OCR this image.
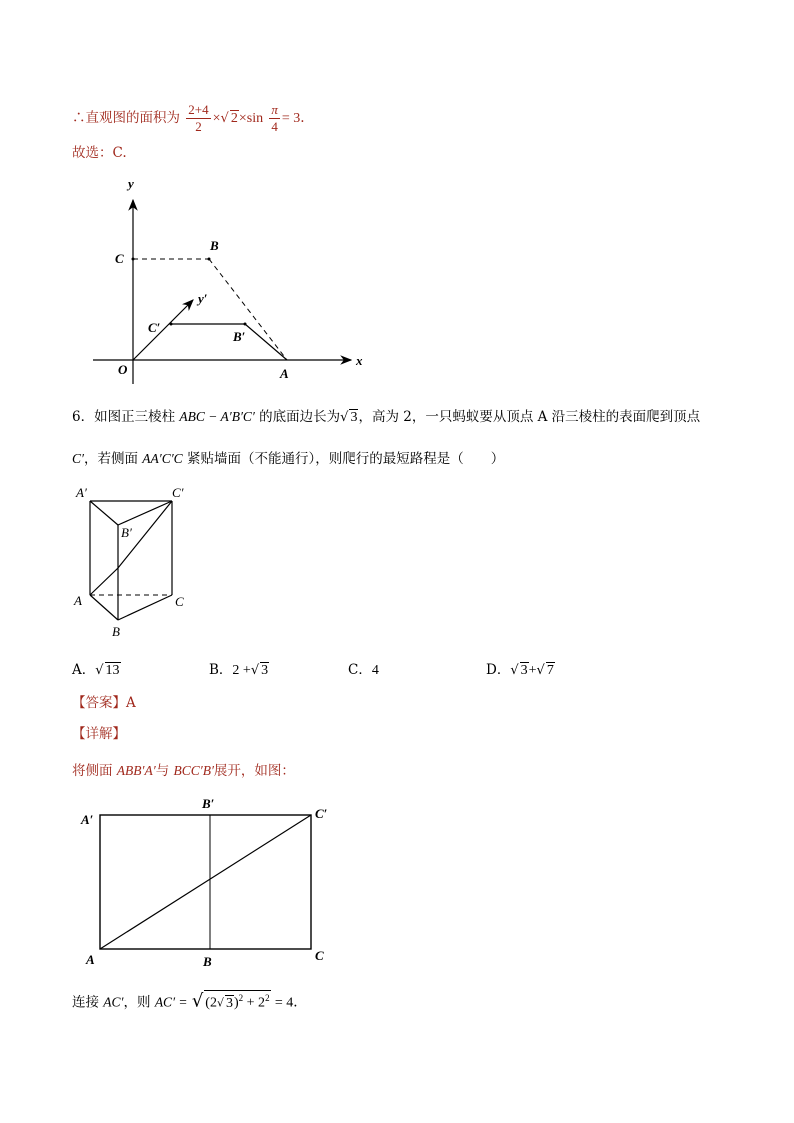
∴直观图的面积为 $\frac{2+4}{2}$ ×√ $2\times\sin \frac{\pi}{4} = 3$.
故选：C.
y
C
B
y′
C′
B′
O	A
x
6．如图正三棱柱 ABC − A′B′C′ 的底面边长为√ 3，高为 2，一只蚂蚁要从顶点 A 沿三棱柱的表面爬到顶点
C′，若侧面 AA′C′C 紧贴墙面（不能通行），则爬行的最短路程是（　　）
A′	C′
B′
A	C
B
A．√ 13	B．2 +√ 3	C．4	D．√ 3+√ 7
【答案】A
【详解】
将侧面 ABB′A′与 BCC′B′展开，如图：
A′
B′
C′
A	B	C
连接 AC′，则 AC′ = √ (2√ $3)^2 + 2^2 = 4$.
